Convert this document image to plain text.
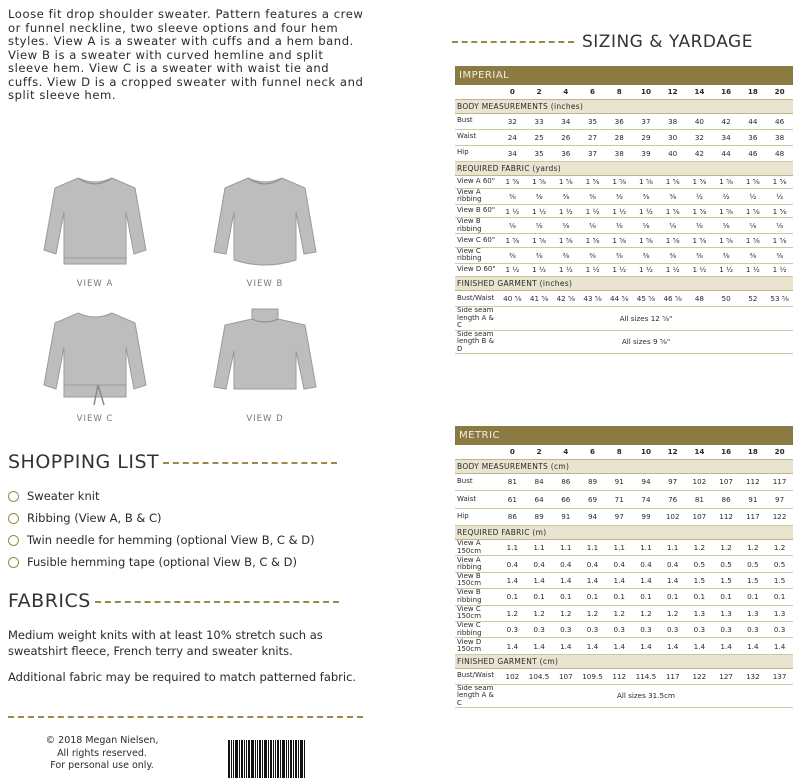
Loose fit drop shoulder sweater. Pattern features a crew or funnel neckline, two sleeve options and four hem styles. View A is a sweater with cuffs and a hem band. View B is a sweater with curved hemline and split sleeve hem. View C is a sweater with waist tie and cuffs. View D is a cropped sweater with funnel neck and split sleeve hem.

VIEW A	VIEW B
VIEW C	VIEW D
SHOPPING LIST
Sweater knit
Ribbing (View A, B & C)
Twin needle for hemming (optional View B, C & D)
Fusible hemming tape (optional View B, C & D)
FABRICS

Medium weight knits with at least 10% stretch such as sweatshirt fleece, French terry and sweater knits.

Additional fabric may be required to match patterned fabric.

© 2018 Megan Nielsen,
All rights reserved.
For personal use only.
SIZING & YARDAGE
IMPERIAL											
	0	2	4	6	8	10	12	14	16	18	20
BODY MEASUREMENTS (inches)											
Bust	32	33	34	35	36	37	38	40	42	44	46
Waist	24	25	26	27	28	29	30	32	34	36	38
Hip	34	35	36	37	38	39	40	42	44	46	48
REQUIRED FABRIC (yards)											
View A 60"	1 ⅝	1 ⅝	1 ⅝	1 ⅝	1 ⅝	1 ⅝	1 ⅝	1 ⅝	1 ⅝	1 ⅝	1 ⅝
View A ribbing	⅜	⅜	⅜	⅜	⅜	⅜	⅜	½	½	½	½
View B 60"	1 ½	1 ½	1 ½	1 ½	1 ½	1 ½	1 ⅝	1 ⅝	1 ⅝	1 ⅝	1 ⅝
View B ribbing	⅛	⅛	⅛	⅛	⅛	⅛	⅛	⅛	⅛	⅛	⅛
View C 60"	1 ⅝	1 ⅝	1 ⅝	1 ⅝	1 ⅝	1 ⅝	1 ⅝	1 ⅝	1 ⅝	1 ⅝	1 ⅝
View C ribbing	⅜	⅜	⅜	⅜	⅜	⅜	⅜	⅜	⅜	⅜	⅜
View D 60"	1 ½	1 ½	1 ½	1 ½	1 ½	1 ½	1 ½	1 ½	1 ½	1 ½	1 ½
FINISHED GARMENT (inches)											
Bust/Waist	40 ⅝	41 ⅝	42 ⅝	43 ⅝	44 ⅝	45 ⅝	46 ⅝	48	50	52	53 ⅝
Side seam length A & C	All sizes 12 ⅝"										
Side seam length B & D	All sizes 9 ⅝"										
METRIC											
	0	2	4	6	8	10	12	14	16	18	20
BODY MEASUREMENTS (cm)											
Bust	81	84	86	89	91	94	97	102	107	112	117
Waist	61	64	66	69	71	74	76	81	86	91	97
Hip	86	89	91	94	97	99	102	107	112	117	122
REQUIRED FABRIC (m)											
View A 150cm	1.1	1.1	1.1	1.1	1.1	1.1	1.1	1.2	1.2	1.2	1.2
View A ribbing	0.4	0.4	0.4	0.4	0.4	0.4	0.4	0.5	0.5	0.5	0.5
View B 150cm	1.4	1.4	1.4	1.4	1.4	1.4	1.4	1.5	1.5	1.5	1.5
View B ribbing	0.1	0.1	0.1	0.1	0.1	0.1	0.1	0.1	0.1	0.1	0.1
View C 150cm	1.2	1.2	1.2	1.2	1.2	1.2	1.2	1.3	1.3	1.3	1.3
View C ribbing	0.3	0.3	0.3	0.3	0.3	0.3	0.3	0.3	0.3	0.3	0.3
View D 150cm	1.4	1.4	1.4	1.4	1.4	1.4	1.4	1.4	1.4	1.4	1.4
FINISHED GARMENT (cm)											
Bust/Waist	102	104.5	107	109.5	112	114.5	117	122	127	132	137
Side seam length A & C	All sizes 31.5cm										
